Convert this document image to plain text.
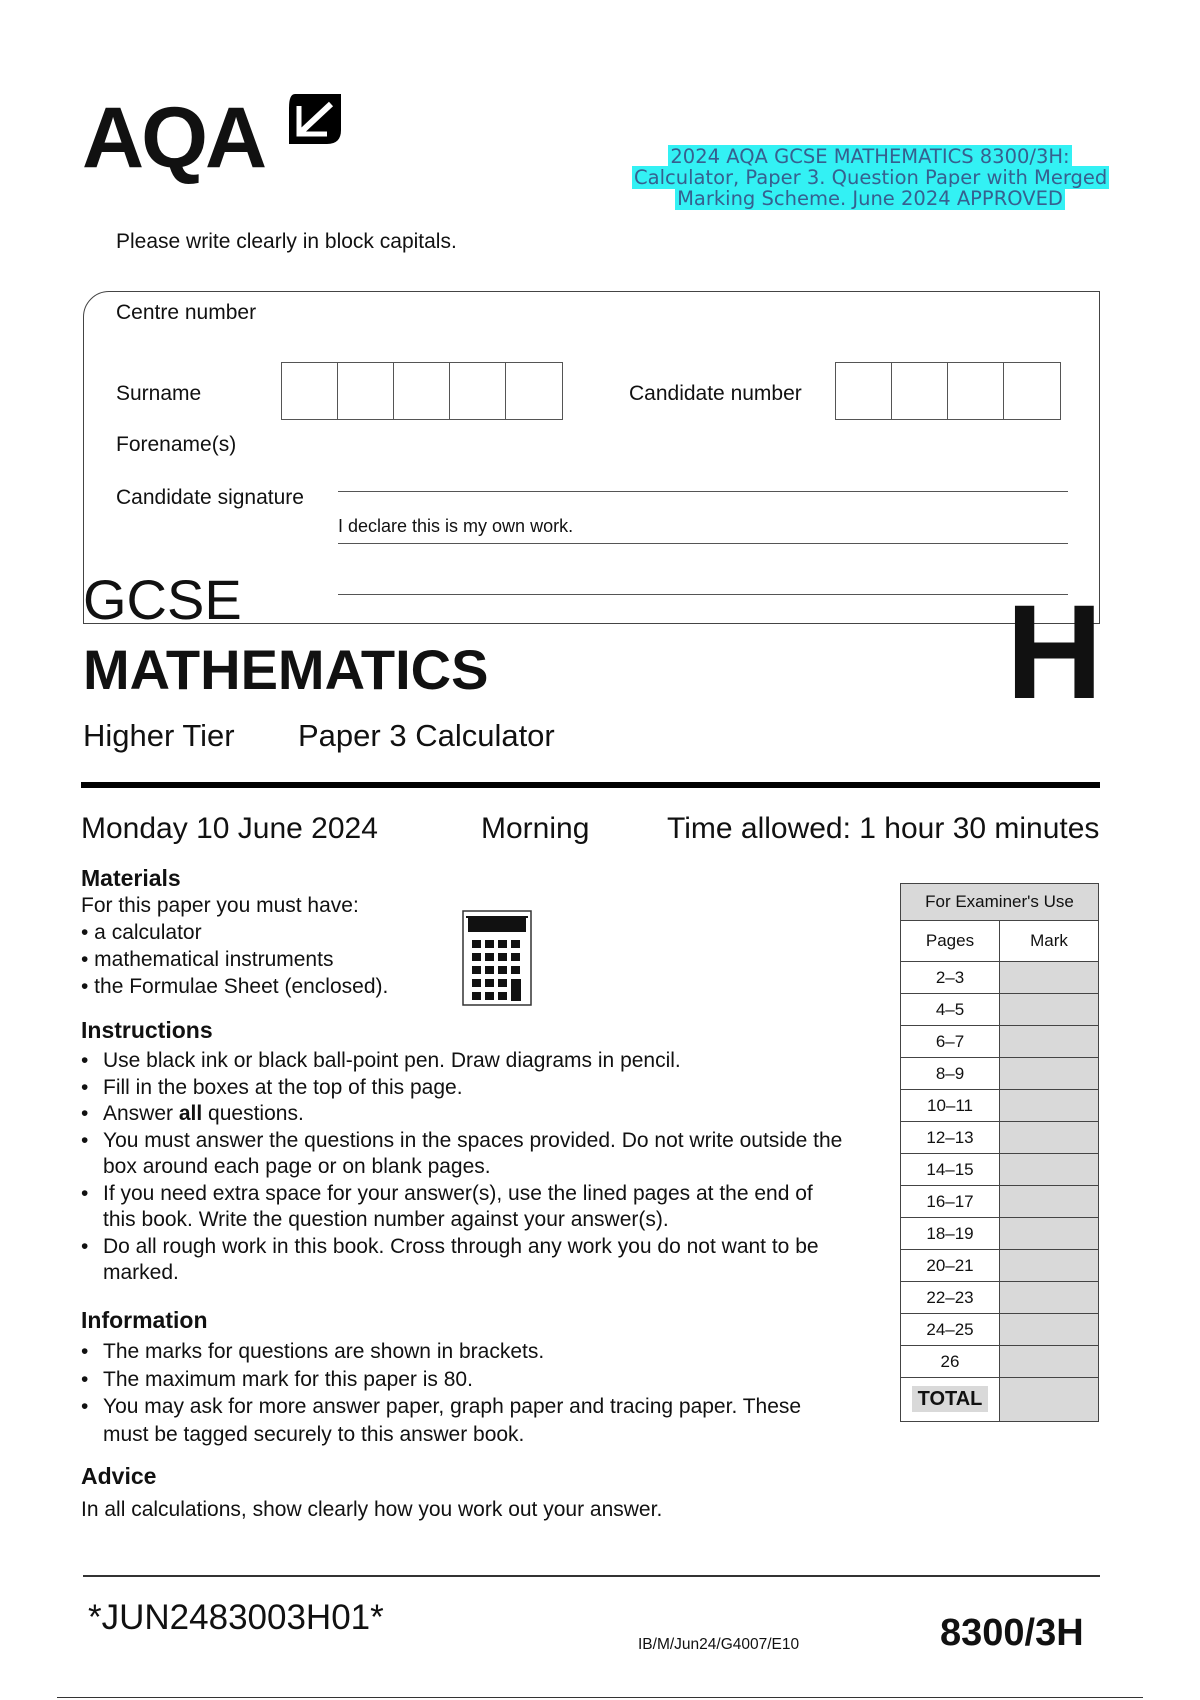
AQA	2024 AQA GCSE MATHEMATICS 8300/3H: Calculator, Paper 3. Question Paper with Merged Marking Scheme. June 2024 APPROVED
Please write clearly in block capitals.
Centre number
Surname
Forename(s)
Candidate signature
Candidate number
I declare this is my own work.
GCSE
MATHEMATICS	H
Higher Tier Paper 3 Calculator
Monday 10 June 2024	Morning	Time allowed: 1 hour 30 minutes
Materials
For this paper you must have:
• a calculator
• mathematical instruments
• the Formulae Sheet (enclosed).
Instructions
• Use black ink or black ball-point pen. Draw diagrams in pencil.
• Fill in the boxes at the top of this page.
• Answer all questions.
• You must answer the questions in the spaces provided. Do not write outside the box around each page or on blank pages.
• If you need extra space for your answer(s), use the lined pages at the end of this book. Write the question number against your answer(s).
• Do all rough work in this book. Cross through any work you do not want to be marked.
Information
• The marks for questions are shown in brackets.
• The maximum mark for this paper is 80.
• You may ask for more answer paper, graph paper and tracing paper. These must be tagged securely to this answer book.
Advice
In all calculations, show clearly how you work out your answer.
For Examiner's Use	
Pages	Mark
2–3	
4–5	
6–7	
8–9	
10–11	
12–13	
14–15	
16–17	
18–19	
20–21	
22–23	
24–25	
26	
TOTAL	
*JUN2483003H01*
IB/M/Jun24/G4007/E10	8300/3H
